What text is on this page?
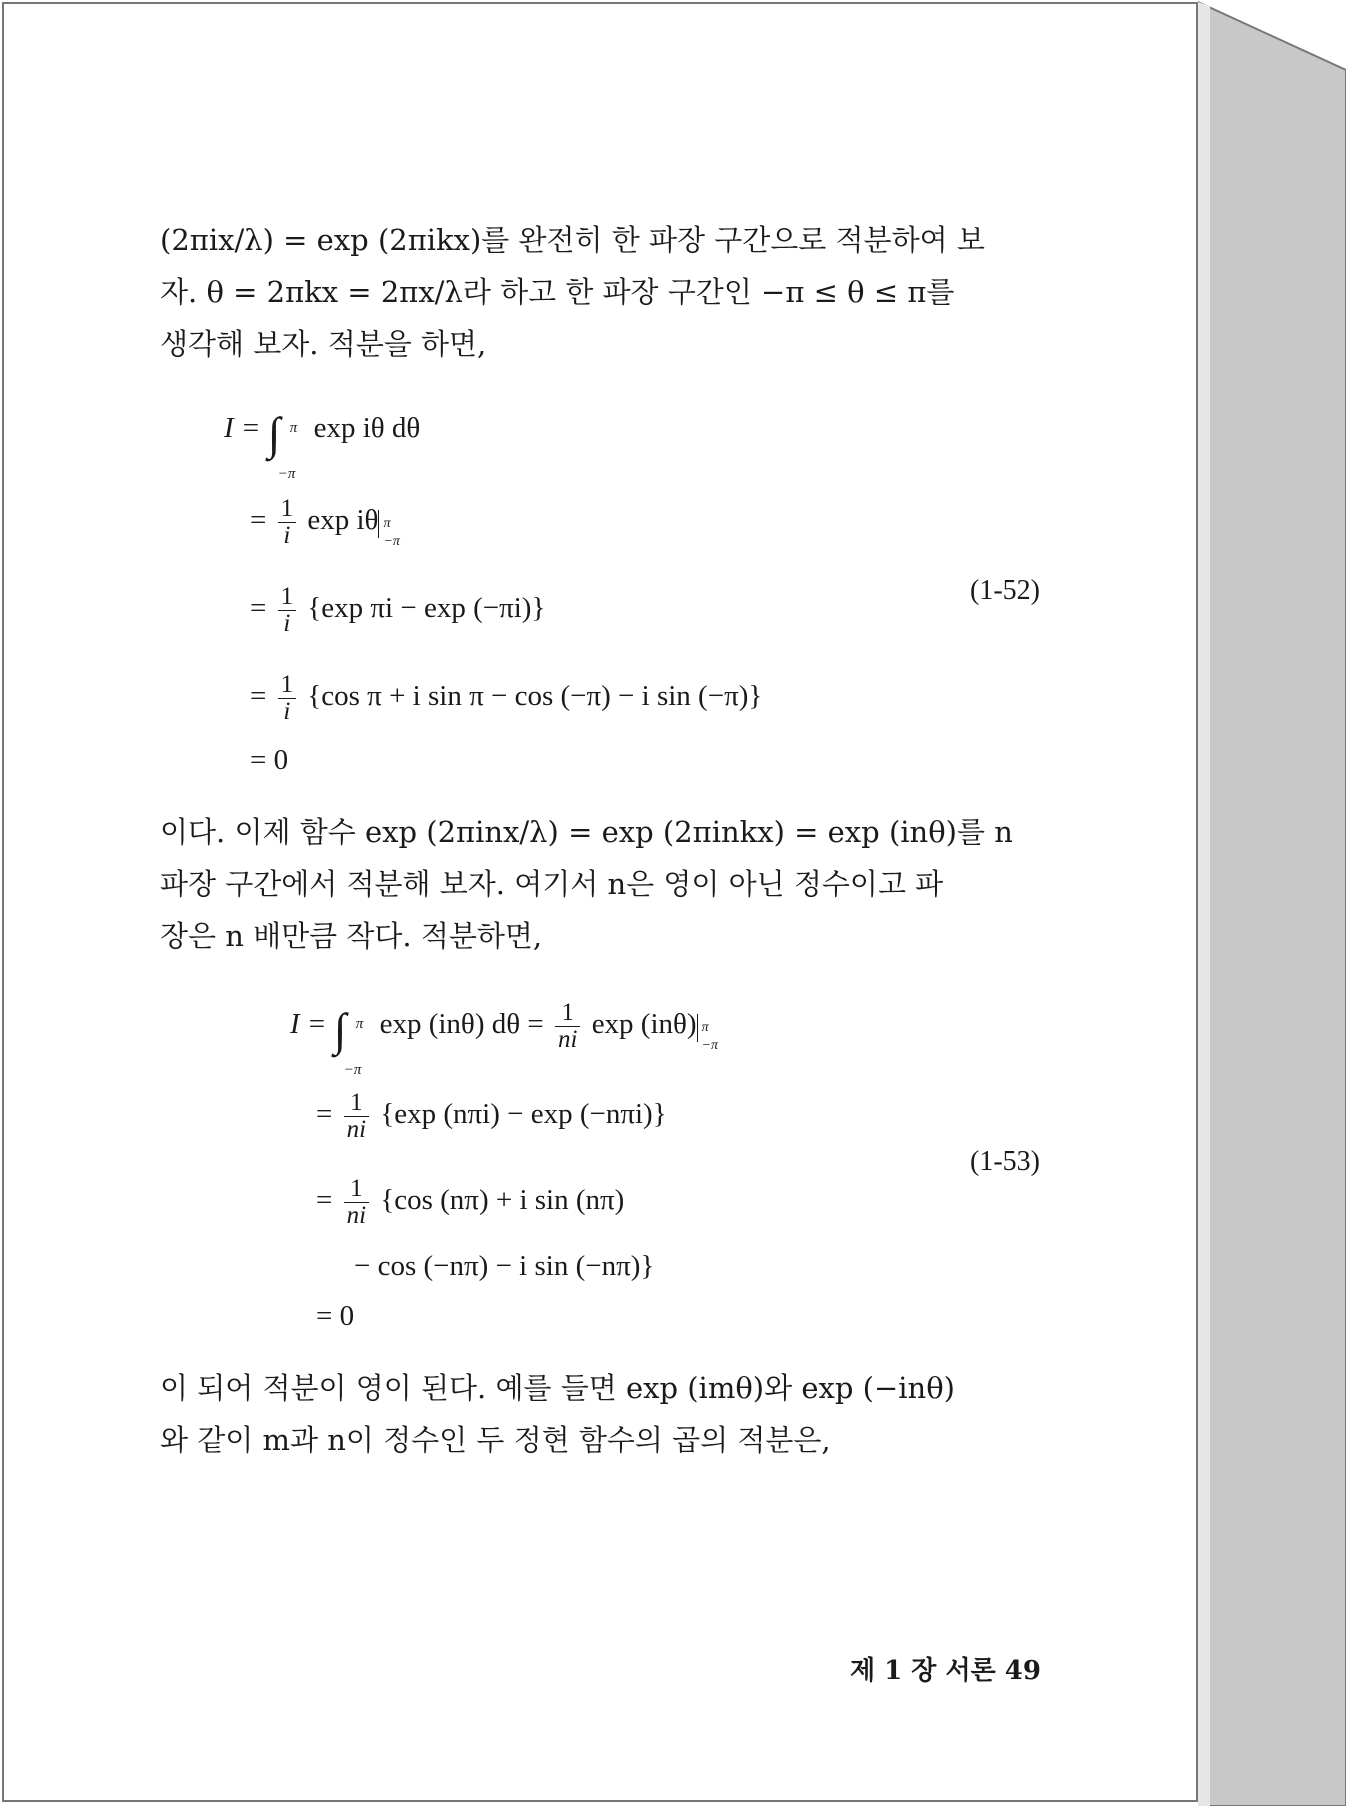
(2πix/λ) = exp (2πikx)를 완전히 한 파장 구간으로 적분하여 보
자. θ = 2πkx = 2πx/λ라 하고 한 파장 구간인 −π ≤ θ ≤ π를
생각해 보자. 적분을 하면,
I = ∫ π
−π
exp iθ dθ
= $\frac{1}{i}$ exp iθ π
−π
= $\frac{1}{i} \{\exp$ πi − exp (−πi)}
(1-52)
= $\frac{1}{i} \{\cos$ π + i sin π − cos (−π) − i sin (−π)}
= 0
이다. 이제 함수 exp (2πinx/λ) = exp (2πinkx) = exp (inθ)를 n
파장 구간에서 적분해 보자. 여기서 n은 영이 아닌 정수이고 파
장은 n 배만큼 작다. 적분하면,
I = ∫ π
−π
exp (inθ) $d\theta = \frac{1}{ni}$ exp (inθ) π
−π
= $\frac{1}{ni} \{\exp$ (nπi) − exp (−nπi)}
(1-53)
= $\frac{1}{ni} \{\cos$ (nπ) + i sin (nπ)
− cos (−nπ) − i sin (−nπ)}
= 0
이 되어 적분이 영이 된다. 예를 들면 exp (imθ)와 exp (−inθ)
와 같이 m과 n이 정수인 두 정현 함수의 곱의 적분은,
제 1 장 서론 49
